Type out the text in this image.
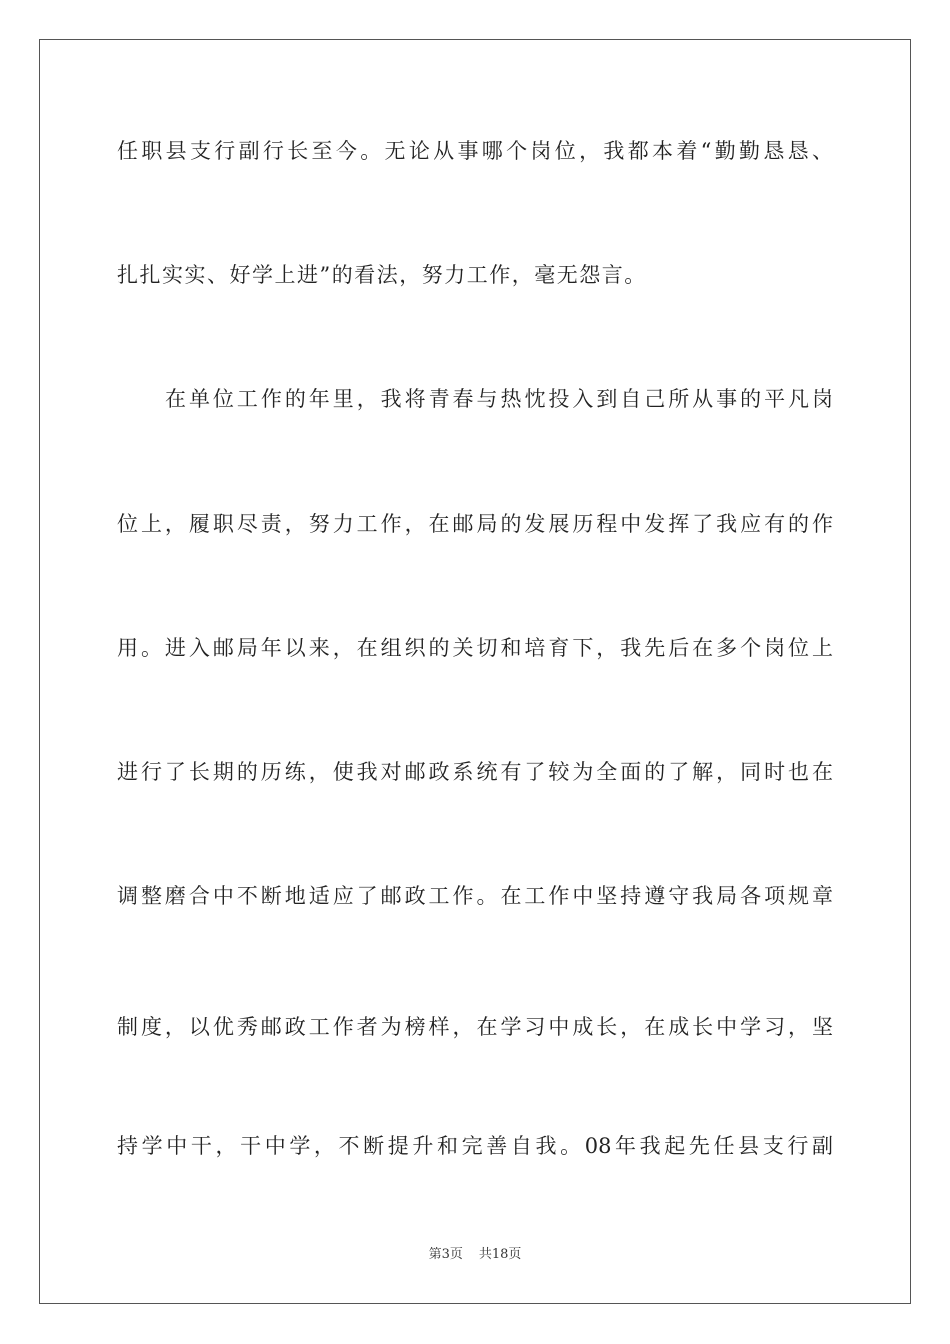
任职县支行副行长至今。无论从事哪个岗位，我都本着“勤勤恳恳、
扎扎实实、好学上进”的看法，努力工作，毫无怨言。
在单位工作的年里，我将青春与热忱投入到自己所从事的平凡岗
位上，履职尽责，努力工作，在邮局的发展历程中发挥了我应有的作
用。进入邮局年以来，在组织的关切和培育下，我先后在多个岗位上
进行了长期的历练，使我对邮政系统有了较为全面的了解，同时也在
调整磨合中不断地适应了邮政工作。在工作中坚持遵守我局各项规章
制度，以优秀邮政工作者为榜样，在学习中成长，在成长中学习，坚
持学中干，干中学，不断提升和完善自我。08年我起先任县支行副
第3页 共18页
